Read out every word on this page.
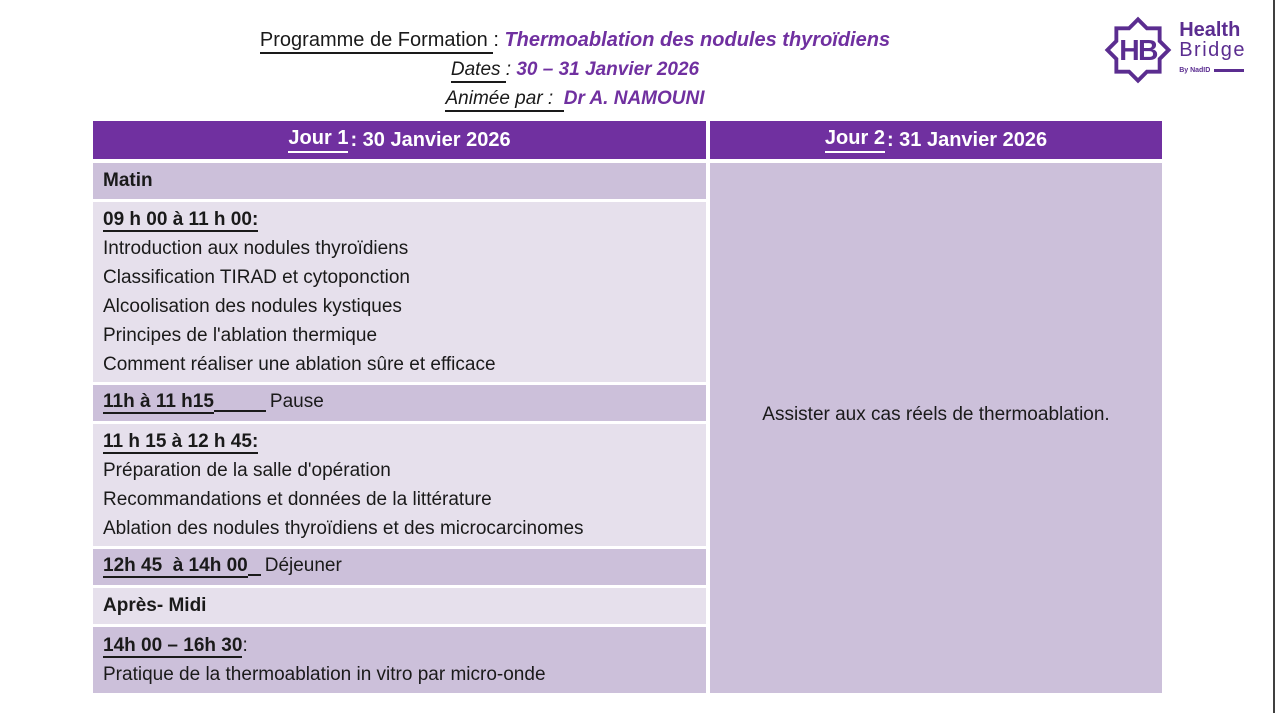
Programme de Formation : Thermoablation des nodules thyroïdiens
Dates : 30 – 31 Janvier 2026
Animée par :  Dr A. NAMOUNI
HB
Health
Bridge
By NadID
Jour 1 : 30 Janvier 2026
Matin
09 h 00 à 11 h 00:
Introduction aux nodules thyroïdiens
Classification TIRAD et cytoponction
Alcoolisation des nodules kystiques
Principes de l'ablation thermique
Comment réaliser une ablation sûre et efficace
11h à 11 h15	Pause
11 h 15 à 12 h 45:
Préparation de la salle d'opération
Recommandations et données de la littérature
Ablation des nodules thyroïdiens et des microcarcinomes
12h 45  à 14h 00 Déjeuner
Après- Midi
14h 00 – 16h 30:
Pratique de la thermoablation in vitro par micro-onde
Jour 2 : 31 Janvier 2026
Assister aux cas réels de thermoablation.
